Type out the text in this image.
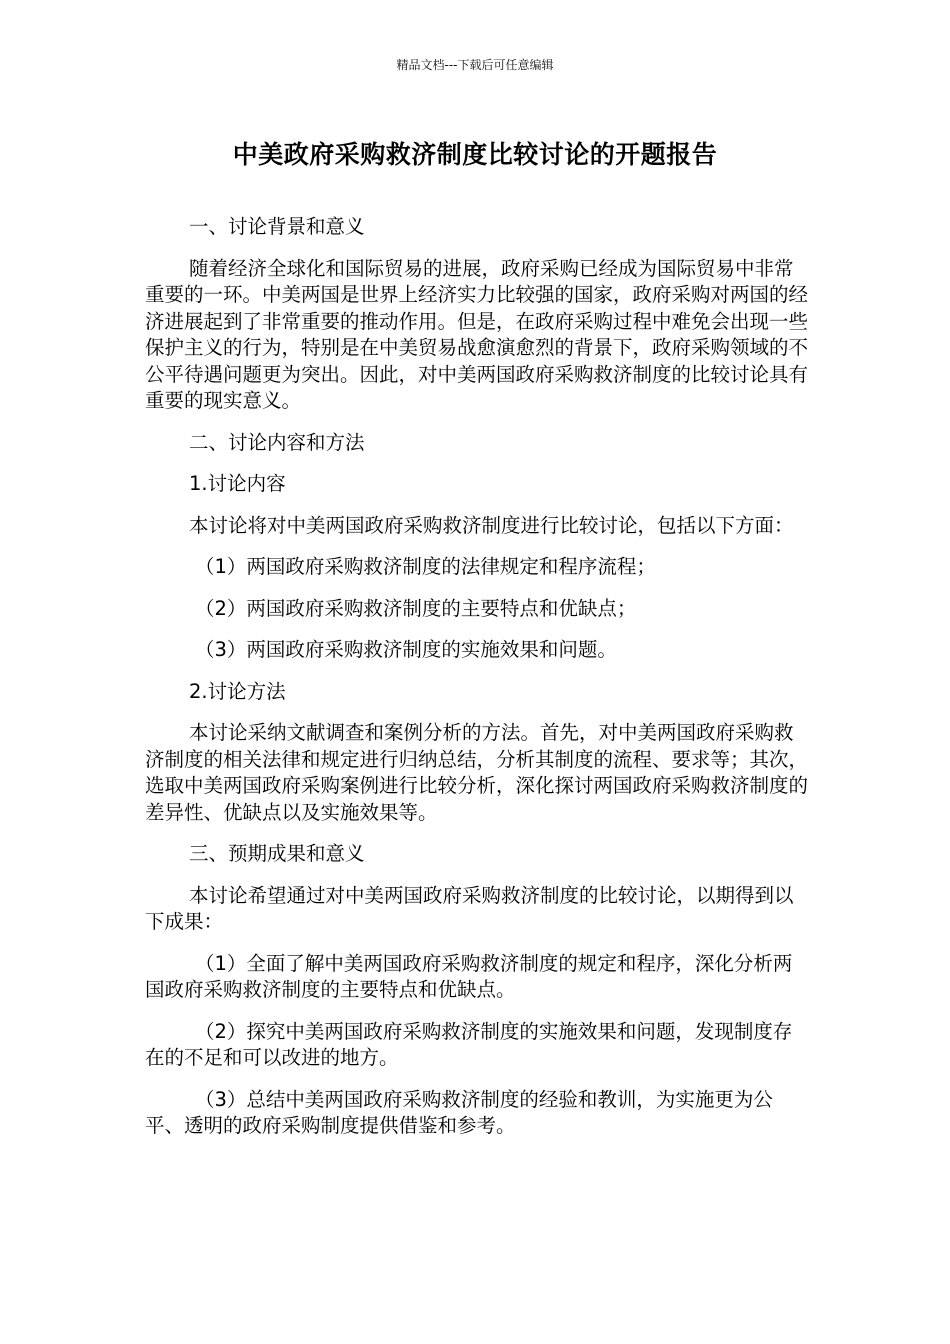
精品文档---下载后可任意编辑
中美政府采购救济制度比较讨论的开题报告
一、讨论背景和意义
随着经济全球化和国际贸易的进展，政府采购已经成为国际贸易中非常重要的一环。中美两国是世界上经济实力比较强的国家，政府采购对两国的经济进展起到了非常重要的推动作用。但是，在政府采购过程中难免会出现一些保护主义的行为，特别是在中美贸易战愈演愈烈的背景下，政府采购领域的不公平待遇问题更为突出。因此，对中美两国政府采购救济制度的比较讨论具有重要的现实意义。
二、讨论内容和方法
1.讨论内容
本讨论将对中美两国政府采购救济制度进行比较讨论，包括以下方面：
（1）两国政府采购救济制度的法律规定和程序流程；
（2）两国政府采购救济制度的主要特点和优缺点；
（3）两国政府采购救济制度的实施效果和问题。
2.讨论方法
本讨论采纳文献调查和案例分析的方法。首先，对中美两国政府采购救济制度的相关法律和规定进行归纳总结，分析其制度的流程、要求等；其次，选取中美两国政府采购案例进行比较分析，深化探讨两国政府采购救济制度的差异性、优缺点以及实施效果等。
三、预期成果和意义
本讨论希望通过对中美两国政府采购救济制度的比较讨论，以期得到以下成果：
（1）全面了解中美两国政府采购救济制度的规定和程序，深化分析两国政府采购救济制度的主要特点和优缺点。
（2）探究中美两国政府采购救济制度的实施效果和问题，发现制度存在的不足和可以改进的地方。
（3）总结中美两国政府采购救济制度的经验和教训，为实施更为公平、透明的政府采购制度提供借鉴和参考。
